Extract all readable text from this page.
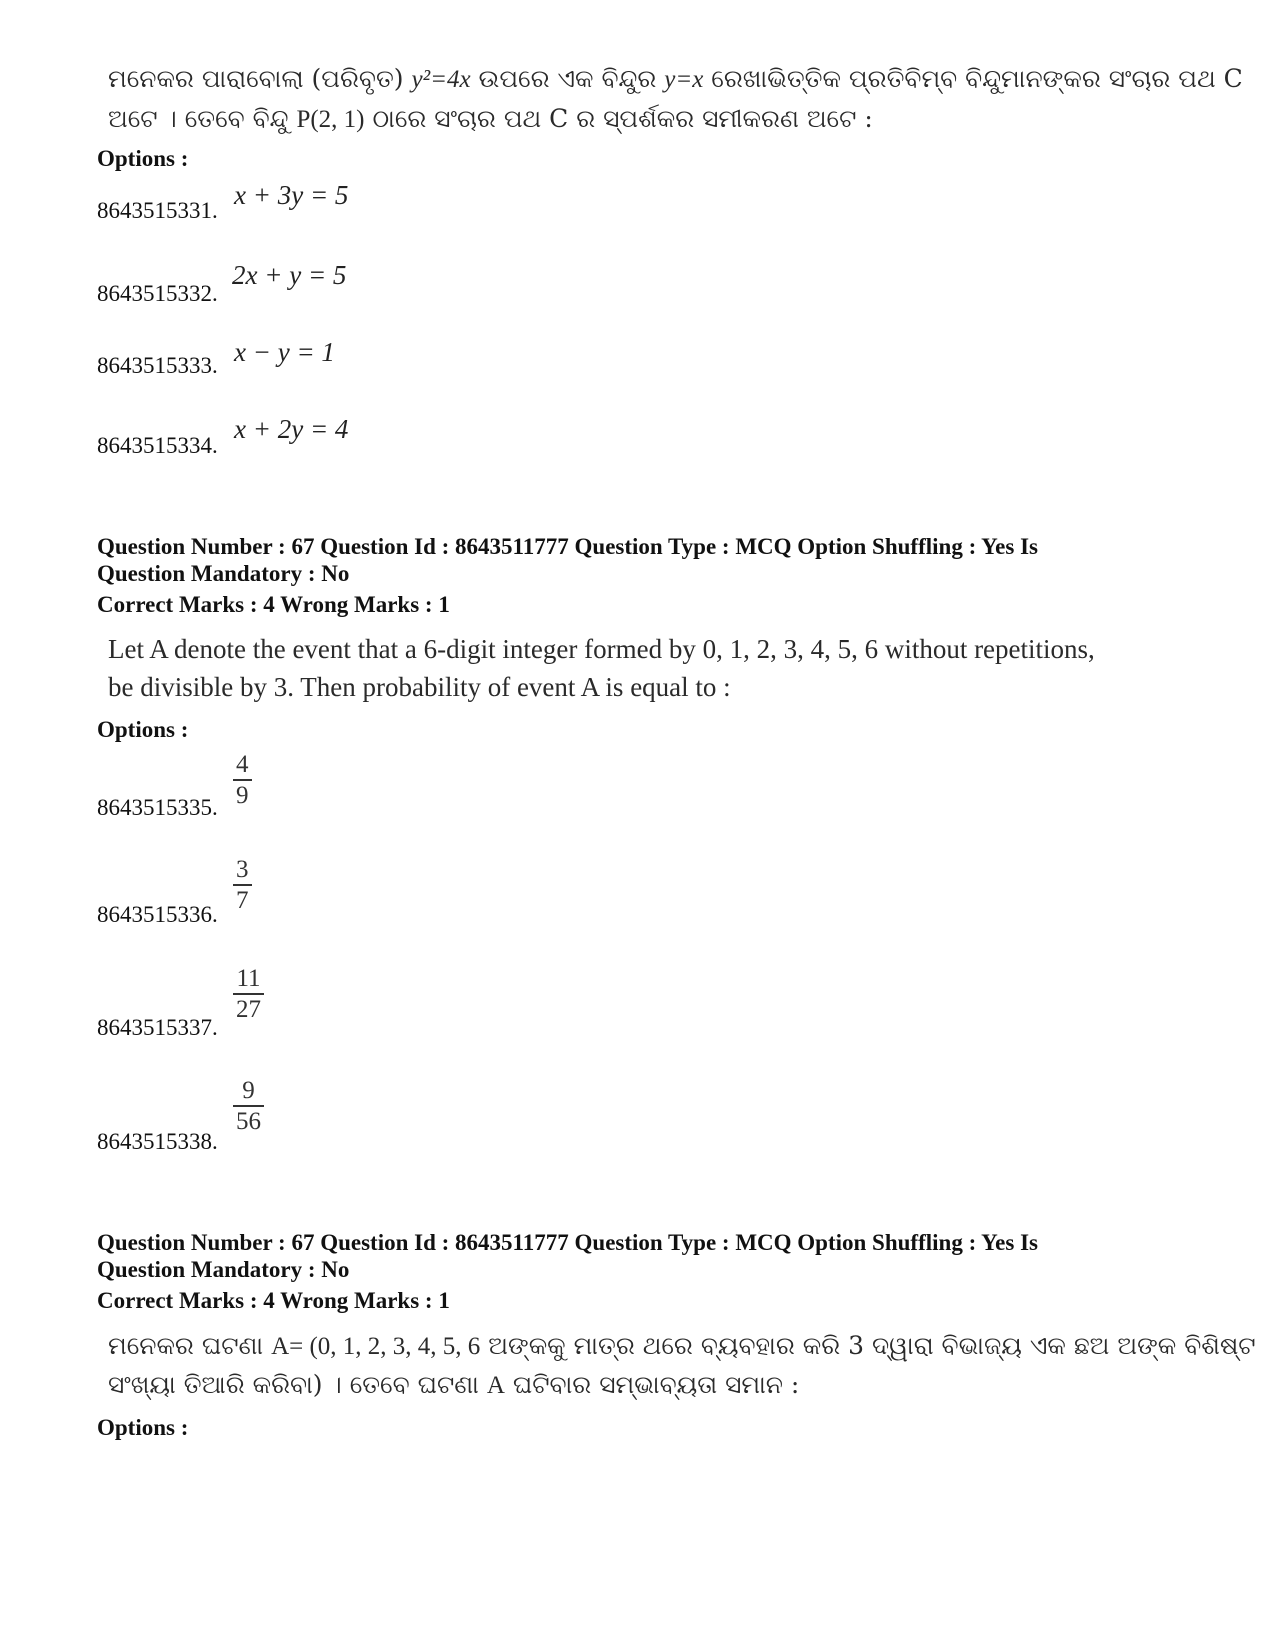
ମନେକର ପାରାବୋଲା (ପରିବୃତ) y²=4x ଉପରେ ଏକ ବିନ୍ଦୁର y=x ରେଖାଭିତ୍ତିକ ପ୍ରତିବିମ୍ବ ବିନ୍ଦୁମାନଙ୍କର ସଂଚାର ପଥ C
ଅଟେ । ତେବେ ବିନ୍ଦୁ P(2, 1) ଠାରେ ସଂଚାର ପଥ C ର ସ୍ପର୍ଶକର ସମୀକରଣ ଅଟେ :
Options :
8643515331.
x + 3y = 5
8643515332.
2x + y = 5
8643515333. x − y = 1
8643515334.
x + 2y = 4
Question Number : 67 Question Id : 8643511777 Question Type : MCQ Option Shuffling : Yes Is
Question Mandatory : No
Correct Marks : 4 Wrong Marks : 1
Let A denote the event that a 6-digit integer formed by 0, 1, 2, 3, 4, 5, 6 without repetitions,
be divisible by 3. Then probability of event A is equal to :
Options :
8643515335.
4
9
8643515336.
3
7
8643515337.
11
27
8643515338.
9
56
Question Number : 67 Question Id : 8643511777 Question Type : MCQ Option Shuffling : Yes Is
Question Mandatory : No
Correct Marks : 4 Wrong Marks : 1
ମନେକର ଘଟଣା A= (0, 1, 2, 3, 4, 5, 6 ଅଙ୍କକୁ ମାତ୍ର ଥରେ ବ୍ୟବହାର କରି 3 ଦ୍ୱାରା ବିଭାଜ୍ୟ ଏକ ଛଅ ଅଙ୍କ ବିଶିଷ୍ଟ
ସଂଖ୍ୟା ତିଆରି କରିବା) । ତେବେ ଘଟଣା A ଘଟିବାର ସମ୍ଭାବ୍ୟତା ସମାନ :
Options :
